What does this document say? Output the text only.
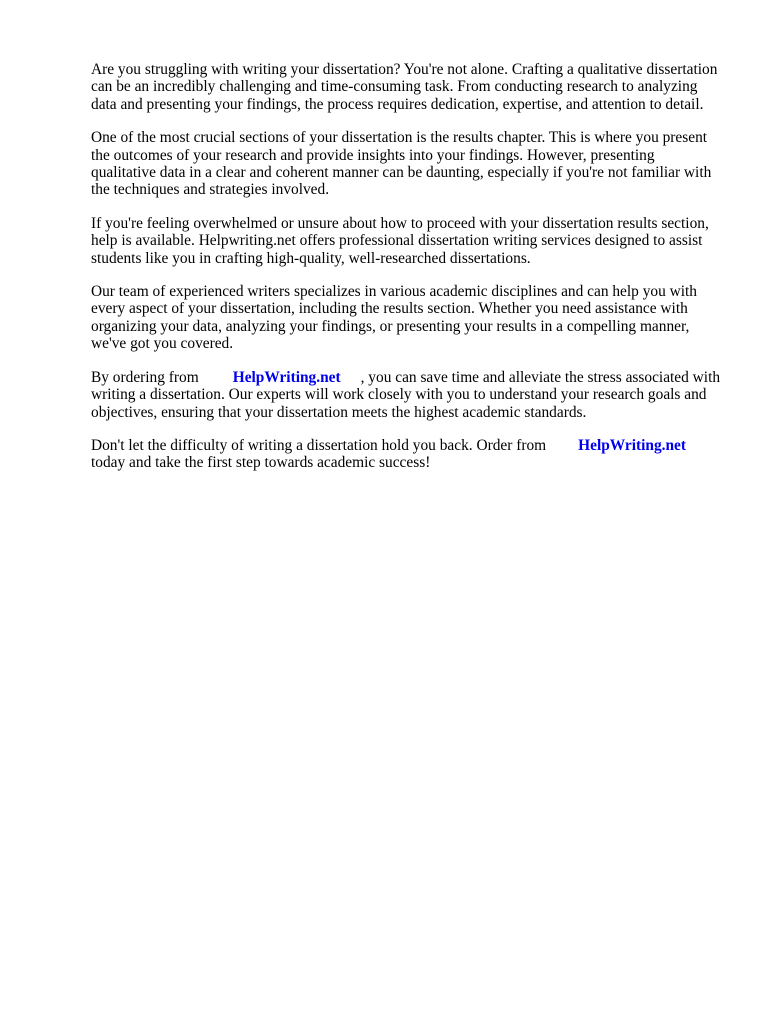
Are you struggling with writing your dissertation? You're not alone. Crafting a qualitative dissertation can be an incredibly challenging and time-consuming task. From conducting research to analyzing data and presenting your findings, the process requires dedication, expertise, and attention to detail.

One of the most crucial sections of your dissertation is the results chapter. This is where you present the outcomes of your research and provide insights into your findings. However, presenting qualitative data in a clear and coherent manner can be daunting, especially if you're not familiar with the techniques and strategies involved.

If you're feeling overwhelmed or unsure about how to proceed with your dissertation results section, help is available. Helpwriting.net offers professional dissertation writing services designed to assist students like you in crafting high-quality, well-researched dissertations.

Our team of experienced writers specializes in various academic disciplines and can help you with every aspect of your dissertation, including the results section. Whether you need assistance with organizing your data, analyzing your findings, or presenting your results in a compelling manner, we've got you covered.

By ordering from HelpWriting.net , you can save time and alleviate the stress associated with writing a dissertation. Our experts will work closely with you to understand your research goals and objectives, ensuring that your dissertation meets the highest academic standards.

Don't let the difficulty of writing a dissertation hold you back. Order from HelpWriting.net
today and take the first step towards academic success!
